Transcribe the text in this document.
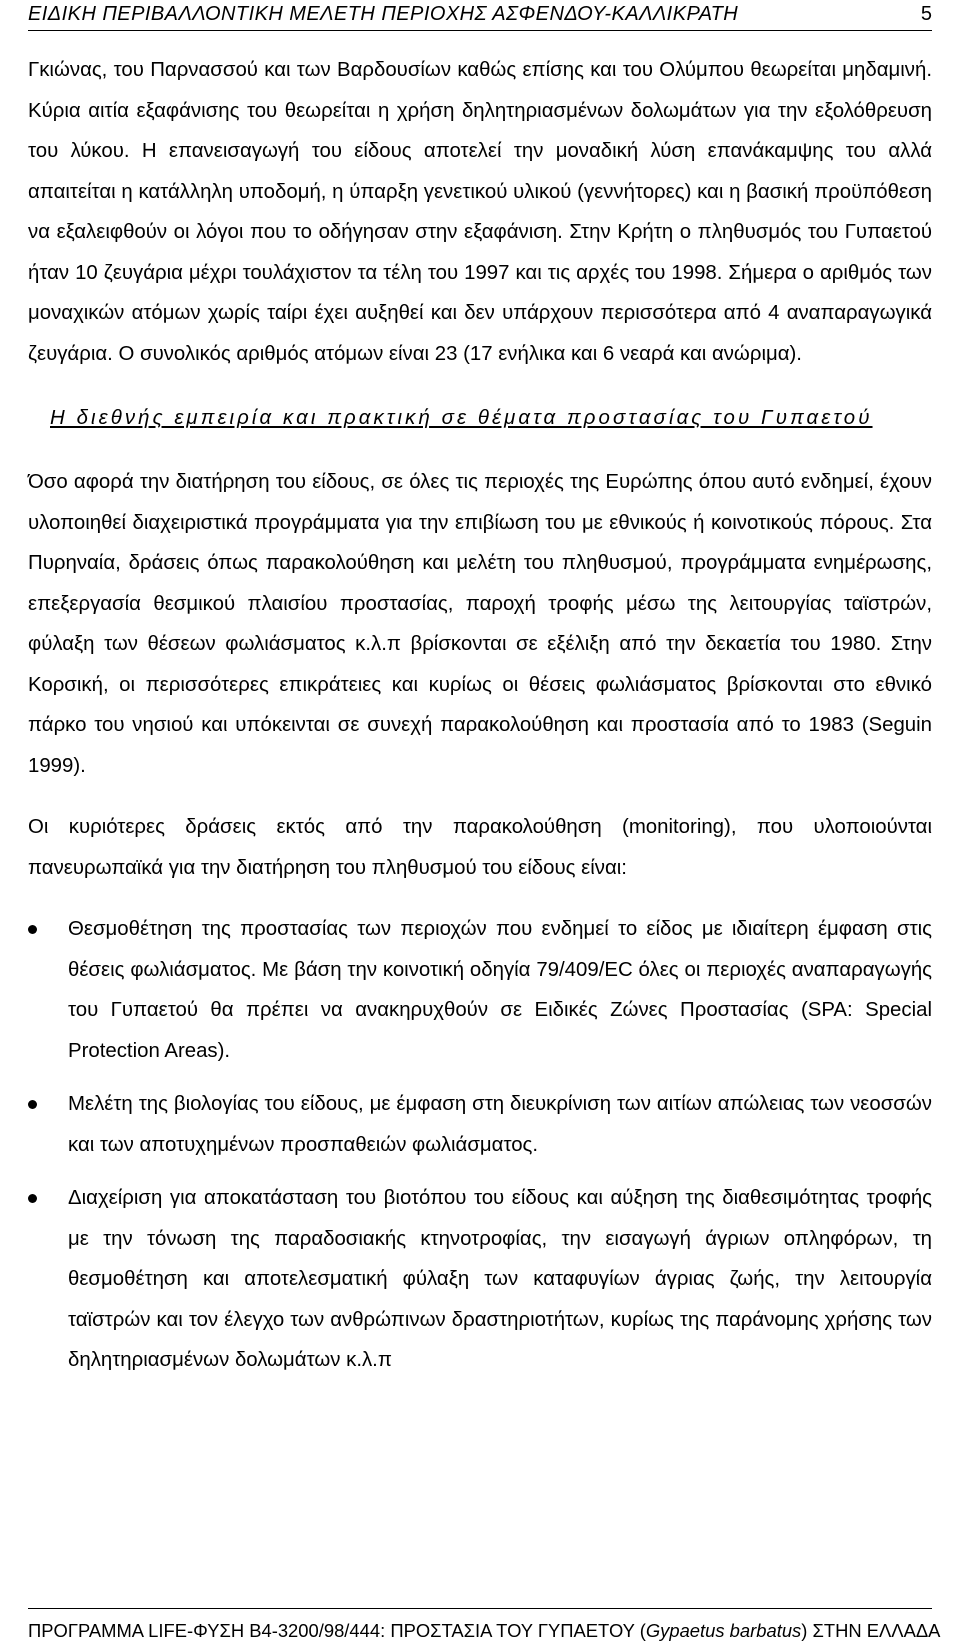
ΕΙΔΙΚΗ ΠΕΡΙΒΑΛΛΟΝΤΙΚΗ ΜΕΛΕΤΗ ΠΕΡΙΟΧΗΣ ΑΣΦΕΝΔΟΥ-ΚΑΛΛΙΚΡΑΤΗ	5

Γκιώνας, του Παρνασσού και των Βαρδουσίων καθώς επίσης και του Ολύμπου θεωρείται μηδαμινή. Κύρια αιτία εξαφάνισης του θεωρείται η χρήση δηλητηριασμένων δολωμάτων για την εξολόθρευση του λύκου. Η επανεισαγωγή του είδους αποτελεί την μοναδική λύση επανάκαμψης του αλλά απαιτείται η κατάλληλη υποδομή, η ύπαρξη γενετικού υλικού (γεννήτορες) και η βασική προϋπόθεση να εξαλειφθούν οι λόγοι που το οδήγησαν στην εξαφάνιση. Στην Κρήτη ο πληθυσμός του Γυπαετού ήταν 10 ζευγάρια μέχρι τουλάχιστον τα τέλη του 1997 και τις αρχές του 1998. Σήμερα ο αριθμός των μοναχικών ατόμων χωρίς ταίρι έχει αυξηθεί και δεν υπάρχουν περισσότερα από 4 αναπαραγωγικά ζευγάρια. Ο συνολικός αριθμός ατόμων είναι 23 (17 ενήλικα και 6 νεαρά και ανώριμα).

Η διεθνής εμπειρία και πρακτική σε θέματα προστασίας του Γυπαετού

Όσο αφορά την διατήρηση του είδους, σε όλες τις περιοχές της Ευρώπης όπου αυτό ενδημεί, έχουν υλοποιηθεί διαχειριστικά προγράμματα για την επιβίωση του με εθνικούς ή κοινοτικούς πόρους. Στα Πυρηναία, δράσεις όπως παρακολούθηση και μελέτη του πληθυσμού, προγράμματα ενημέρωσης, επεξεργασία θεσμικού πλαισίου προστασίας, παροχή τροφής μέσω της λειτουργίας ταϊστρών, φύλαξη των θέσεων φωλιάσματος κ.λ.π βρίσκονται σε εξέλιξη από την δεκαετία του 1980. Στην Κορσική, οι περισσότερες επικράτειες και κυρίως οι θέσεις φωλιάσματος βρίσκονται στο εθνικό πάρκο του νησιού και υπόκεινται σε συνεχή παρακολούθηση και προστασία από το 1983 (Seguin 1999).

Οι κυριότερες δράσεις εκτός από την παρακολούθηση (monitoring), που υλοποιούνται πανευρωπαϊκά για την διατήρηση του πληθυσμού του είδους είναι:

Θεσμοθέτηση της προστασίας των περιοχών που ενδημεί το είδος με ιδιαίτερη έμφαση στις θέσεις φωλιάσματος. Με βάση την κοινοτική οδηγία 79/409/EC όλες οι περιοχές αναπαραγωγής του Γυπαετού θα πρέπει να ανακηρυχθούν σε Ειδικές Ζώνες Προστασίας (SPA: Special Protection Areas).

Μελέτη της βιολογίας του είδους, με έμφαση στη διευκρίνιση των αιτίων απώλειας των νεοσσών και των αποτυχημένων προσπαθειών φωλιάσματος.

Διαχείριση για αποκατάσταση του βιοτόπου του είδους και αύξηση της διαθεσιμότητας τροφής με την τόνωση της παραδοσιακής κτηνοτροφίας, την εισαγωγή άγριων οπληφόρων, τη θεσμοθέτηση και αποτελεσματική φύλαξη των καταφυγίων άγριας ζωής, την λειτουργία ταϊστρών και τον έλεγχο των ανθρώπινων δραστηριοτήτων, κυρίως της παράνομης χρήσης των δηλητηριασμένων δολωμάτων κ.λ.π

ΠΡΟΓΡΑΜΜΑ LIFE-ΦΥΣΗ B4-3200/98/444: ΠΡΟΣΤΑΣΙΑ ΤΟΥ ΓΥΠΑΕΤΟΥ (Gypaetus barbatus) ΣΤΗΝ ΕΛΛΑΔΑ
